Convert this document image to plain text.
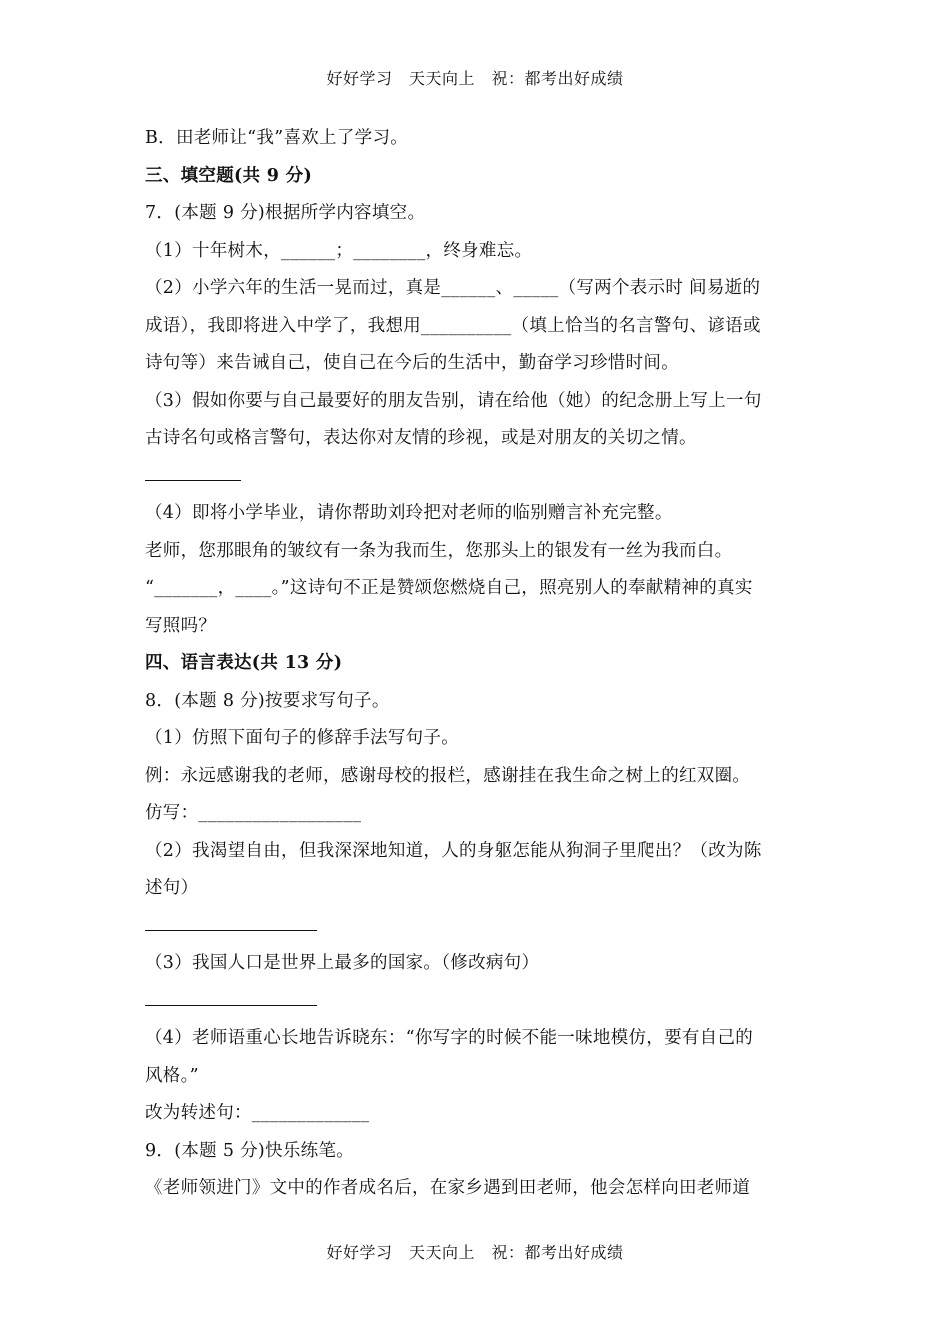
好好学习　天天向上　祝：都考出好成绩
B．田老师让“我”喜欢上了学习。
三、填空题(共 9 分)
7．(本题 9 分)根据所学内容填空。
（1）十年树木，______；________，终身难忘。
（2）小学六年的生活一晃而过，真是______、_____（写两个表示时 间易逝的
成语），我即将进入中学了，我想用__________（填上恰当的名言警句、谚语或
诗句等）来告诫自己，使自己在今后的生活中，勤奋学习珍惜时间。
（3）假如你要与自己最要好的朋友告别，请在给他（她）的纪念册上写上一句
古诗名句或格言警句，表达你对友情的珍视，或是对朋友的关切之情。
（4）即将小学毕业，请你帮助刘玲把对老师的临别赠言补充完整。
老师，您那眼角的皱纹有一条为我而生，您那头上的银发有一丝为我而白。
“_______，____。”这诗句不正是赞颂您燃烧自己，照亮别人的奉献精神的真实
写照吗？
四、语言表达(共 13 分)
8．(本题 8 分)按要求写句子。
（1）仿照下面句子的修辞手法写句子。
例：永远感谢我的老师，感谢母校的报栏，感谢挂在我生命之树上的红双圈。
仿写：__________________
（2）我渴望自由，但我深深地知道，人的身躯怎能从狗洞子里爬出？（改为陈
述句）
（3）我国人口是世界上最多的国家。（修改病句）
（4）老师语重心长地告诉晓东：“你写字的时候不能一味地模仿，要有自己的
风格。”
改为转述句：_____________
9．(本题 5 分)快乐练笔。
《老师领进门》文中的作者成名后，在家乡遇到田老师，他会怎样向田老师道
好好学习　天天向上　祝：都考出好成绩
